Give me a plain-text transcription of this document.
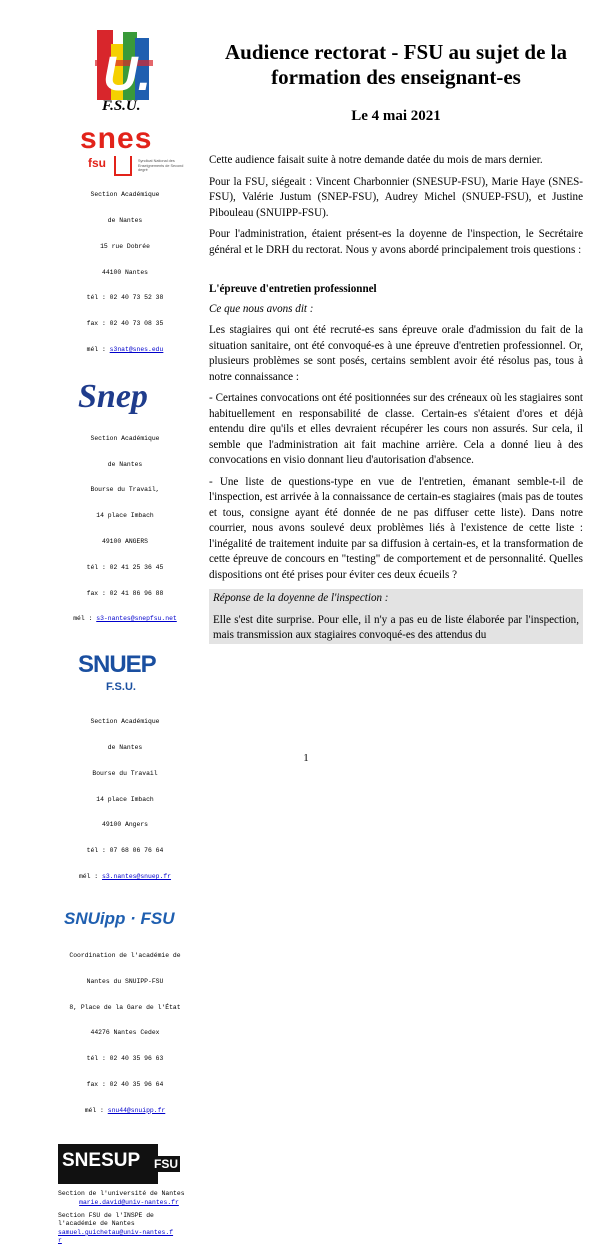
U.
F.S.U.
snes
fsu	Syndicat National des Enseignements de Second degré

Section Académique

de Nantes

15 rue Dobrée

44100 Nantes

tél : 02 40 73 52 38

fax : 02 40 73 08 35

mél : s3nat@snes.edu

Snep

Section Académique

de Nantes

Bourse du Travail,

14 place Imbach

49100 ANGERS

tél : 02 41 25 36 45

fax : 02 41 86 96 88

mél : s3-nantes@snepfsu.net

SNUEP
F.S.U.

Section Académique

de Nantes

Bourse du Travail

14 place Imbach

49100 Angers

tél : 07 68 06 76 64

mél : s3.nantes@snuep.fr

SNUipp · FSU

Coordination de l'académie de

Nantes du SNUIPP-FSU

8, Place de la Gare de l'État

44276 Nantes Cedex

tél : 02 40 35 96 63

fax : 02 40 35 96 64

mél : snu44@snuipp.fr

SNESUP FSU
Section de l'université de Nantes
marie.david@univ-nantes.fr
Section FSU de l'INSPE de l'académie de Nantes
samuel.guichetau@univ-nantes.fr
Audience rectorat - FSU au sujet de la formation des enseignant-es
Le 4 mai 2021

Cette audience faisait suite à notre demande datée du mois de mars dernier.

Pour la FSU, siégeait : Vincent Charbonnier (SNESUP-FSU), Marie Haye (SNES-FSU), Valérie Justum (SNEP-FSU), Audrey Michel (SNUEP-FSU), et Justine Pibouleau (SNUIPP-FSU).

Pour l'administration, étaient présent-es la doyenne de l'inspection, le Secrétaire général et le DRH du rectorat. Nous y avons abordé principalement trois questions :

L'épreuve d'entretien professionnel

Ce que nous avons dit :

Les stagiaires qui ont été recruté-es sans épreuve orale d'admission du fait de la situation sanitaire, ont été convoqué-es à une épreuve d'entretien professionnel. Or, plusieurs problèmes se sont posés, certains semblent avoir été résolus pas, tous à notre connaissance :

- Certaines convocations ont été positionnées sur des créneaux où les stagiaires sont habituellement en responsabilité de classe. Certain-es s'étaient d'ores et déjà entendu dire qu'ils et elles devraient récupérer les cours non assurés. Sur cela, il semble que l'administration ait fait machine arrière. Cela a donné lieu à des convocations en visio donnant lieu d'autorisation d'absence.

- Une liste de questions-type en vue de l'entretien, émanant semble-t-il de l'inspection, est arrivée à la connaissance de certain-es stagiaires (mais pas de toutes et tous, consigne ayant été donnée de ne pas diffuser cette liste). Dans notre courrier, nous avons soulevé deux problèmes liés à l'existence de cette liste : l'inégalité de traitement induite par sa diffusion à certain-es, et la transformation de cette épreuve de concours en "testing" de comportement et de personnalité. Quelles dispositions ont été prises pour éviter ces deux écueils ?

Réponse de la doyenne de l'inspection :

Elle s'est dite surprise. Pour elle, il n'y a pas eu de liste élaborée par l'inspection, mais transmission aux stagiaires convoqué-es des attendus du

1
